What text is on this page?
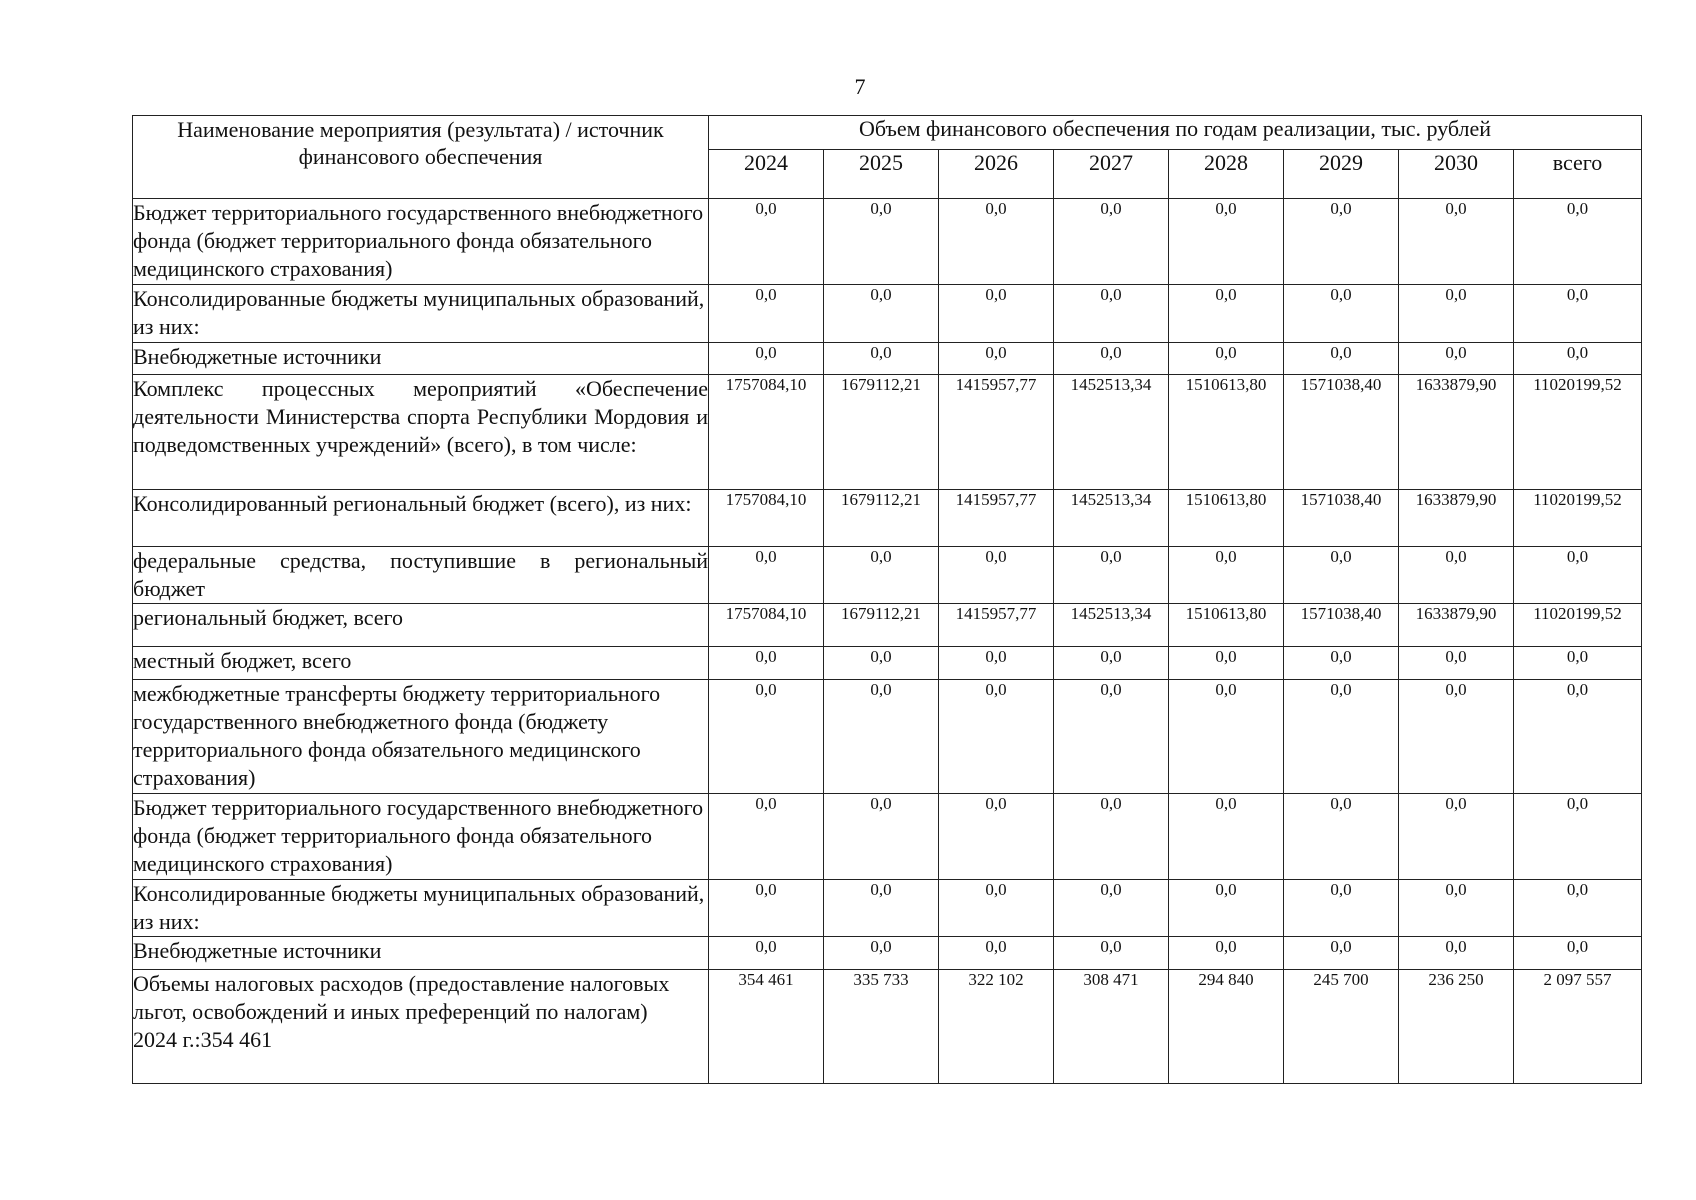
7
Наименование мероприятия (результата) / источник финансового обеспечения	Объем финансового обеспечения по годам реализации, тыс. рублей							
	2024	2025	2026	2027	2028	2029	2030	всего

Бюджет территориального государственного внебюджетного фонда (бюджет территориального фонда обязательного медицинского страхования)	0,0	0,0	0,0	0,0	0,0	0,0	0,0	0,0

Консолидированные бюджеты муниципальных образований, из них:	0,0	0,0	0,0	0,0	0,0	0,0	0,0	0,0

Внебюджетные источники	0,0	0,0	0,0	0,0	0,0	0,0	0,0	0,0

Комплекс процессных мероприятий «Обеспечение деятельности Министерства спорта Республики Мордовия и подведомственных учреждений» (всего), в том числе:	1757084,10	1679112,21	1415957,77	1452513,34	1510613,80	1571038,40	1633879,90	11020199,52

Консолидированный региональный бюджет (всего), из них:	1757084,10	1679112,21	1415957,77	1452513,34	1510613,80	1571038,40	1633879,90	11020199,52

федеральные средства, поступившие в региональный бюджет	0,0	0,0	0,0	0,0	0,0	0,0	0,0	0,0

региональный бюджет, всего	1757084,10	1679112,21	1415957,77	1452513,34	1510613,80	1571038,40	1633879,90	11020199,52

местный бюджет, всего	0,0	0,0	0,0	0,0	0,0	0,0	0,0	0,0

межбюджетные трансферты бюджету территориального государственного внебюджетного фонда (бюджету территориального фонда обязательного медицинского страхования)	0,0	0,0	0,0	0,0	0,0	0,0	0,0	0,0

Бюджет территориального государственного внебюджетного фонда (бюджет территориального фонда обязательного медицинского страхования)	0,0	0,0	0,0	0,0	0,0	0,0	0,0	0,0

Консолидированные бюджеты муниципальных образований, из них:	0,0	0,0	0,0	0,0	0,0	0,0	0,0	0,0

Внебюджетные источники	0,0	0,0	0,0	0,0	0,0	0,0	0,0	0,0

Объемы налоговых расходов (предоставление налоговых льгот, освобождений и иных преференций по налогам)
2024 г.:354 461	354 461	335 733	322 102	308 471	294 840	245 700	236 250	2 097 557
